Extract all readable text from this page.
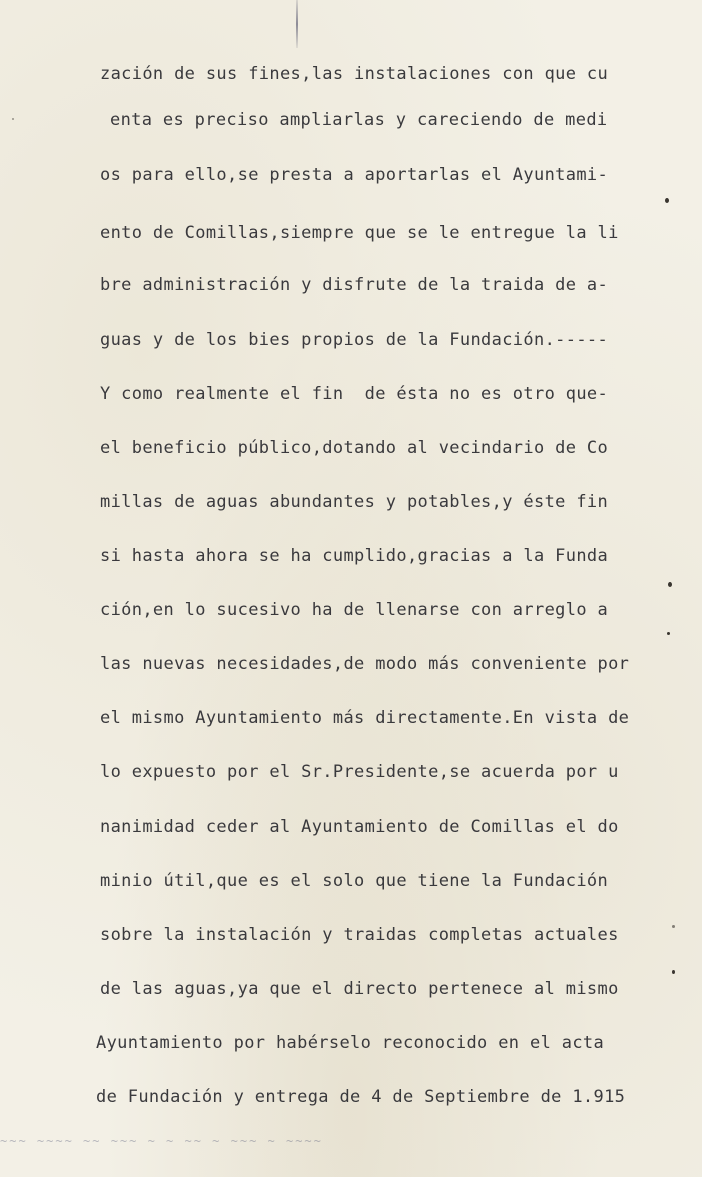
zación de sus fines,las instalaciones con que cu
enta es preciso ampliarlas y careciendo de medi
os para ello,se presta a aportarlas el Ayuntami-
ento de Comillas,siempre que se le entregue la li
bre administración y disfrute de la traida de a-
guas y de los bies propios de la Fundación.-----
Y como realmente el fin  de ésta no es otro que-
el beneficio público,dotando al vecindario de Co
millas de aguas abundantes y potables,y éste fin
si hasta ahora se ha cumplido,gracias a la Funda
ción,en lo sucesivo ha de llenarse con arreglo a
las nuevas necesidades,de modo más conveniente por
el mismo Ayuntamiento más directamente.En vista de
lo expuesto por el Sr.Presidente,se acuerda por u
nanimidad ceder al Ayuntamiento de Comillas el do
minio útil,que es el solo que tiene la Fundación
sobre la instalación y traidas completas actuales
de las aguas,ya que el directo pertenece al mismo
Ayuntamiento por habérselo reconocido en el acta
de Fundación y entrega de 4 de Septiembre de 1.915
~~~ ~~~~ ~~ ~~~ ~ ~ ~~ ~ ~~~ ~ ~~~~
